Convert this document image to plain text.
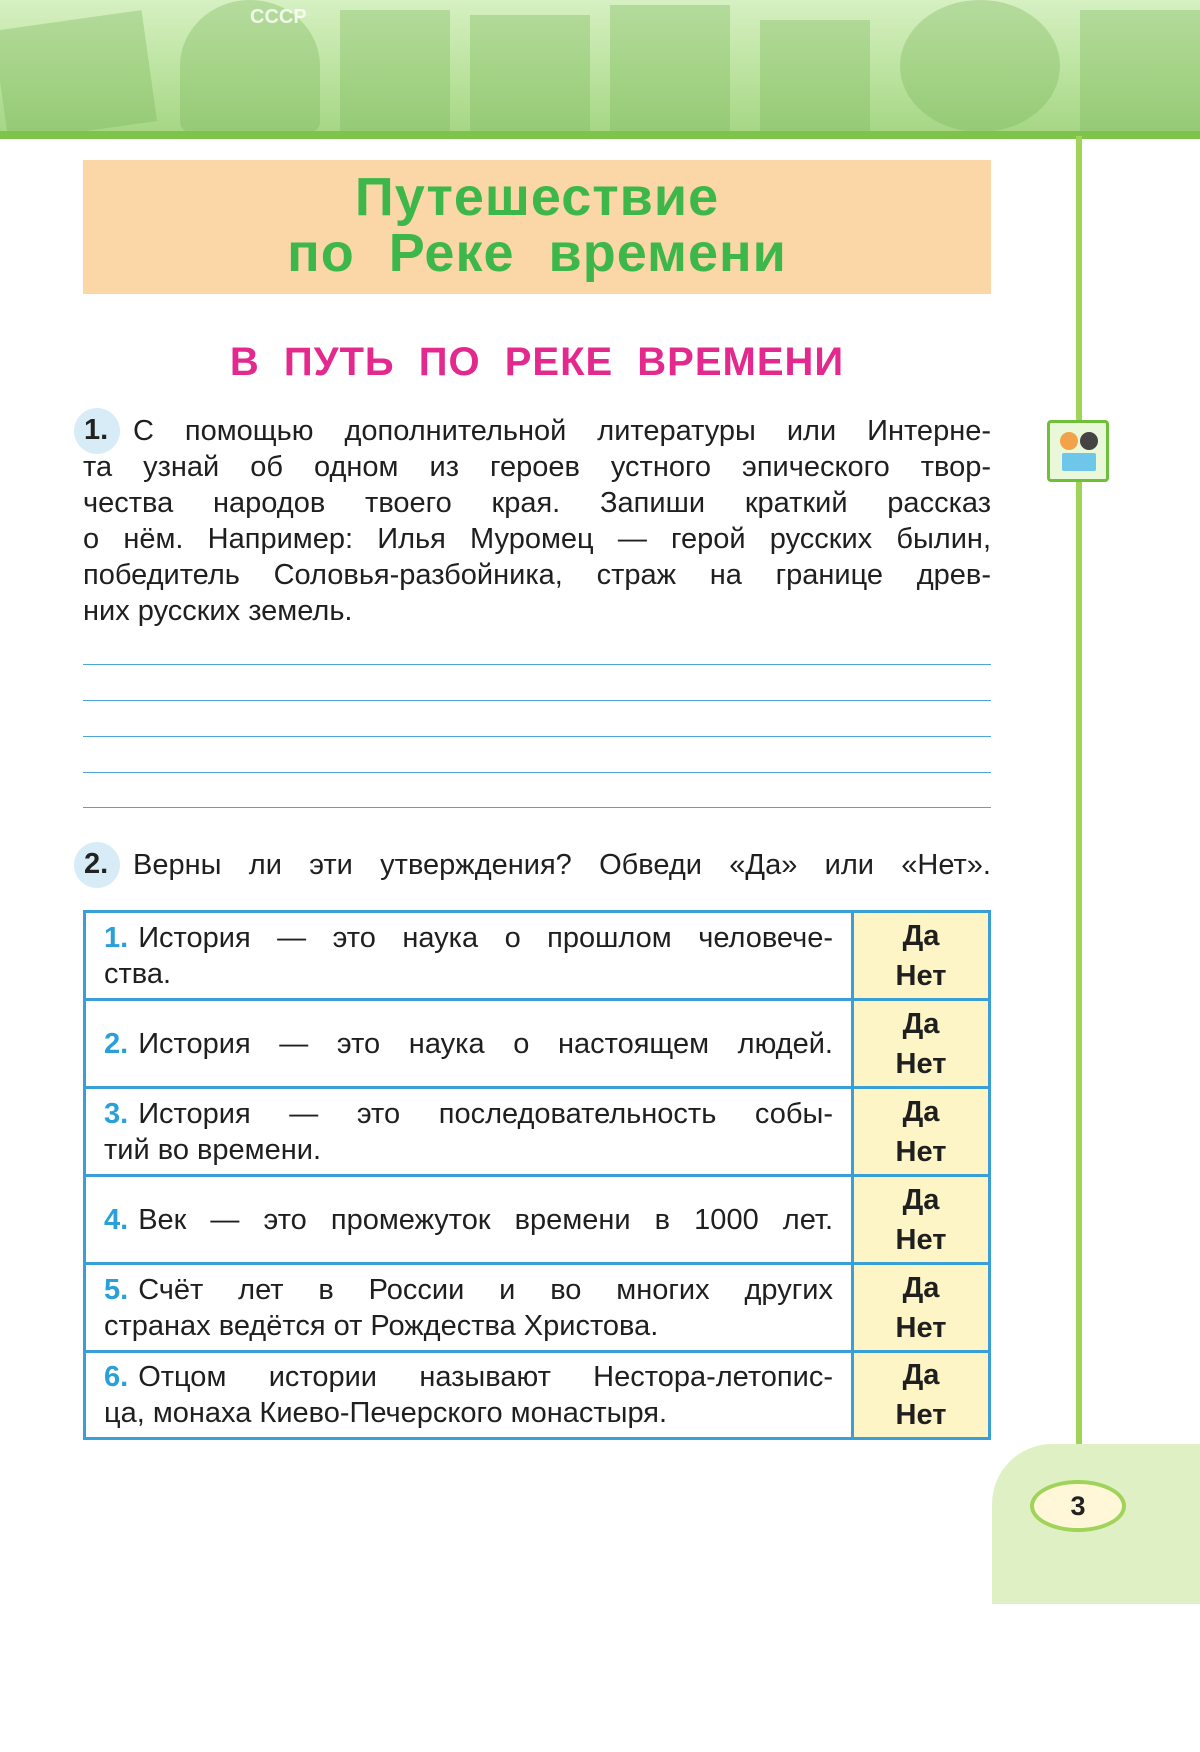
СССР
3
Путешествие
по Реке времени
В ПУТЬ ПО РЕКЕ ВРЕМЕНИ
1. С помощью дополнительной литературы или Интерне-
та узнай об одном из героев устного эпического твор-
чества народов твоего края. Запиши краткий рассказ
о нём. Например: Илья Муромец — герой русских былин,
победитель Соловья-разбойника, страж на границе древ-
них русских земель.
2. Верны ли эти утверждения? Обведи «Да» или «Нет».
1. История — это наука о прошлом человече-
ства.
Да
Нет
2. История — это наука о настоящем людей.
Да
Нет
3. История — это последовательность собы-
тий во времени.
Да
Нет
4. Век — это промежуток времени в 1000 лет.
Да
Нет
5. Счёт лет в России и во многих других
странах ведётся от Рождества Христова.
Да
Нет
6. Отцом истории называют Нестора-летопис-
ца, монаха Киево-Печерского монастыря.
Да
Нет
